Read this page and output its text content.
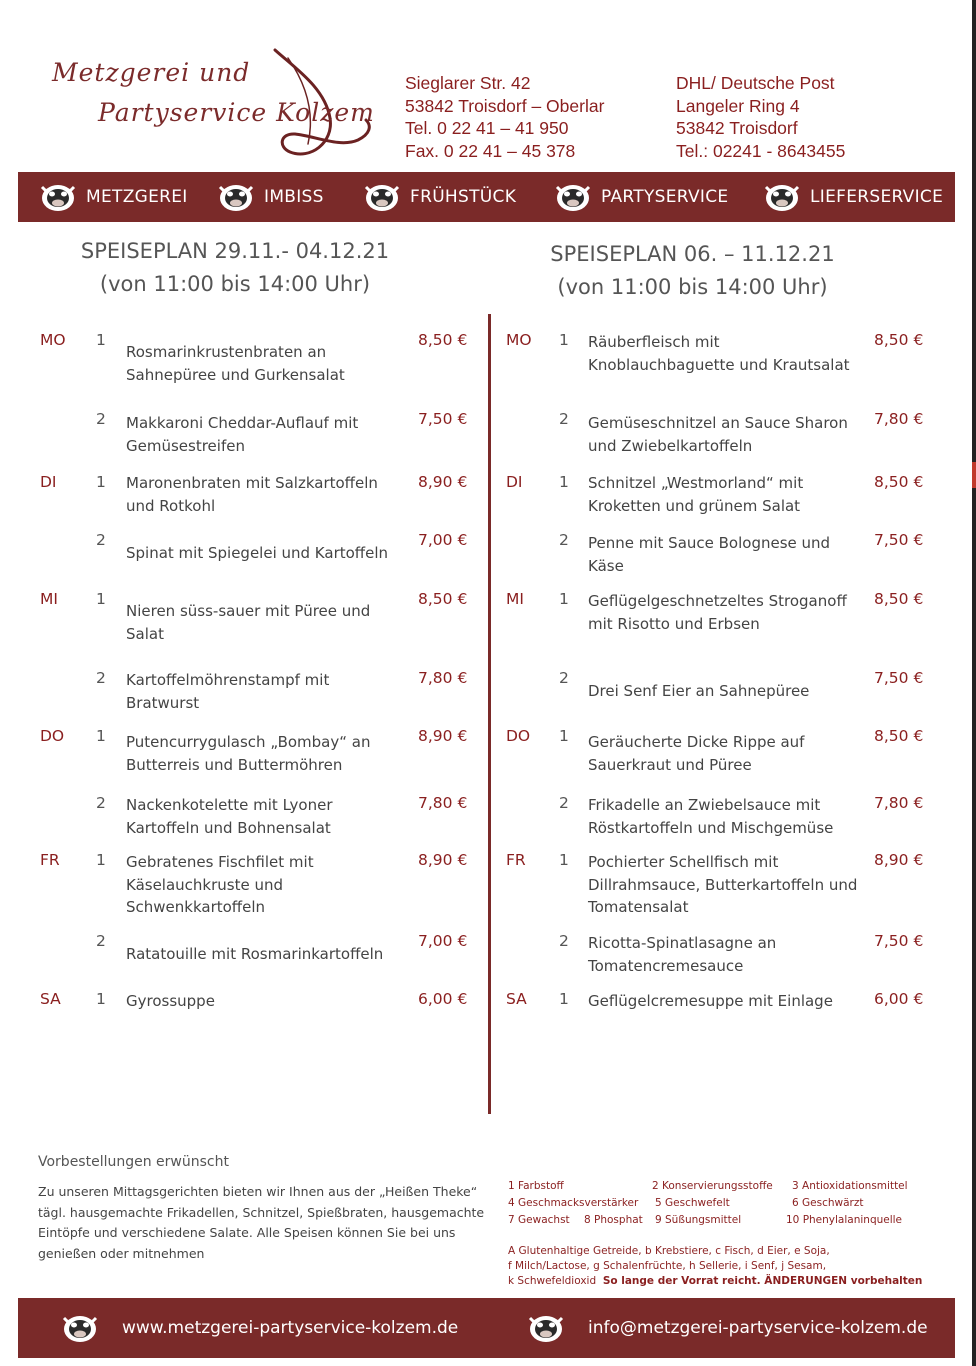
Metzgerei und
Partyservice Kolzem
Sieglarer Str. 42
53842 Troisdorf – Oberlar
Tel. 0 22 41 – 41 950
Fax. 0 22 41 – 45 378
DHL/ Deutsche Post
Langeler Ring 4
53842 Troisdorf
Tel.: 02241 - 8643455
METZGEREI	IMBISS	FRÜHSTÜCK	PARTYSERVICE	LIEFERSERVICE
SPEISEPLAN 29.11.- 04.12.21
(von 11:00 bis 14:00 Uhr)
SPEISEPLAN 06. – 11.12.21
(von 11:00 bis 14:00 Uhr)
MO 1
Rosmarinkrustenbraten an Sahnepüree und Gurkensalat
8,50 €
2 Makkaroni Cheddar-Auflauf mit Gemüsestreifen
7,50 €
DI	1 Maronenbraten mit Salzkartoffeln und Rotkohl
8,90 €
2
Spinat mit Spiegelei und Kartoffeln
7,00 €
MI 1
Nieren süss-sauer mit Püree und Salat
8,50 €
2 Kartoffelmöhrenstampf mit Bratwurst
7,80 €
DO 1 Putencurrygulasch „Bombay“ an Butterreis und Buttermöhren
8,90 €
2 Nackenkotelette mit Lyoner Kartoffeln und Bohnensalat
7,80 €
FR 1 Gebratenes Fischfilet mit Käselauchkruste und Schwenkkartoffeln
8,90 €
2
Ratatouille mit Rosmarinkartoffeln
7,00 €
SA 1 Gyrossuppe	6,00 €
MO 1 Räuberfleisch mit Knoblauchbaguette und Krautsalat
8,50 €
2 Gemüseschnitzel an Sauce Sharon und Zwiebelkartoffeln
7,80 €
DI 1 Schnitzel „Westmorland“ mit Kroketten und grünem Salat
8,50 €
2 Penne mit Sauce Bolognese und Käse
7,50 €
MI 1 Geflügelgeschnetzeltes Stroganoff mit Risotto und Erbsen
8,50 €
2
Drei Senf Eier an Sahnepüree
7,50 €
DO 1 Geräucherte Dicke Rippe auf Sauerkraut und Püree
8,50 €
2 Frikadelle an Zwiebelsauce mit Röstkartoffeln und Mischgemüse
7,80 €
FR 1 Pochierter Schellfisch mit Dillrahmsauce, Butterkartoffeln und Tomatensalat
8,90 €
2 Ricotta-Spinatlasagne an Tomatencremesauce
7,50 €
SA 1 Geflügelcremesuppe mit Einlage	6,00 €
Vorbestellungen erwünscht
Zu unseren Mittagsgerichten bieten wir Ihnen aus der „Heißen Theke“ tägl. hausgemachte Frikadellen, Schnitzel, Spießbraten, hausgemachte Eintöpfe und verschiedene Salate. Alle Speisen können Sie bei uns genießen oder mitnehmen
1 Farbstoff	2 Konservierungsstoffe 3 Antioxidationsmittel
4 Geschmacksverstärker 5 Geschwefelt	6 Geschwärzt
7 Gewachst 8 Phosphat 9 Süßungsmittel	10 Phenylalaninquelle
A Glutenhaltige Getreide, b Krebstiere, c Fisch, d Eier, e Soja,
f Milch/Lactose, g Schalenfrüchte, h Sellerie, i Senf, j Sesam,
k Schwefeldioxid So lange der Vorrat reicht. ÄNDERUNGEN vorbehalten
www.metzgerei-partyservice-kolzem.de	info@metzgerei-partyservice-kolzem.de
